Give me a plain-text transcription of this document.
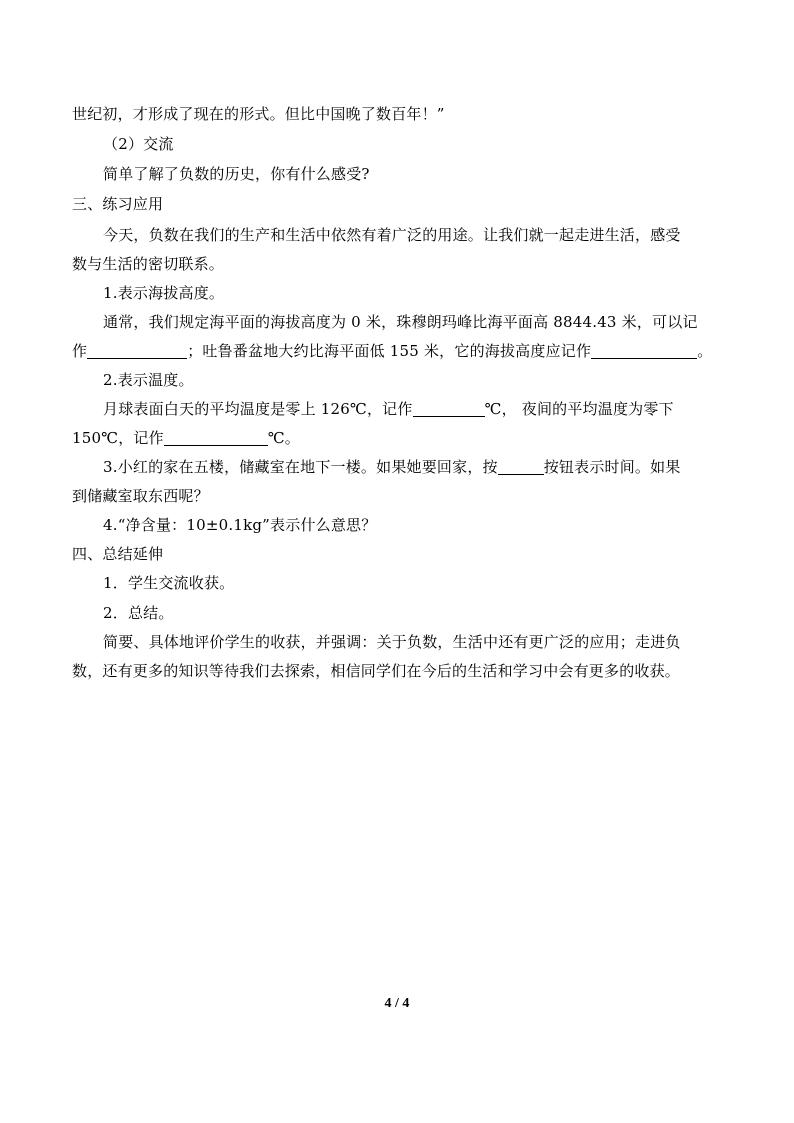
世纪初，才形成了现在的形式。但比中国晚了数百年！”
（2）交流
简单了解了负数的历史，你有什么感受?
三、练习应用
今天，负数在我们的生产和生活中依然有着广泛的用途。让我们就一起走进生活，感受
数与生活的密切联系。
1.表示海拔高度。
通常，我们规定海平面的海拔高度为 0 米，珠穆朗玛峰比海平面高 8844.43 米，可以记
作	；吐鲁番盆地大约比海平面低 155 米，它的海拔高度应记作	。
2.表示温度。
月球表面白天的平均温度是零上 126℃，记作	℃， 夜间的平均温度为零下
150℃，记作	℃。
3.小红的家在五楼，储藏室在地下一楼。如果她要回家，按	按钮表示时间。如果
到储藏室取东西呢？
4.“净含量：10±0.1kg”表示什么意思？
四、总结延伸
1．学生交流收获。
2．总结。
简要、具体地评价学生的收获，并强调：关于负数，生活中还有更广泛的应用；走进负
数，还有更多的知识等待我们去探索，相信同学们在今后的生活和学习中会有更多的收获。
4 / 4
